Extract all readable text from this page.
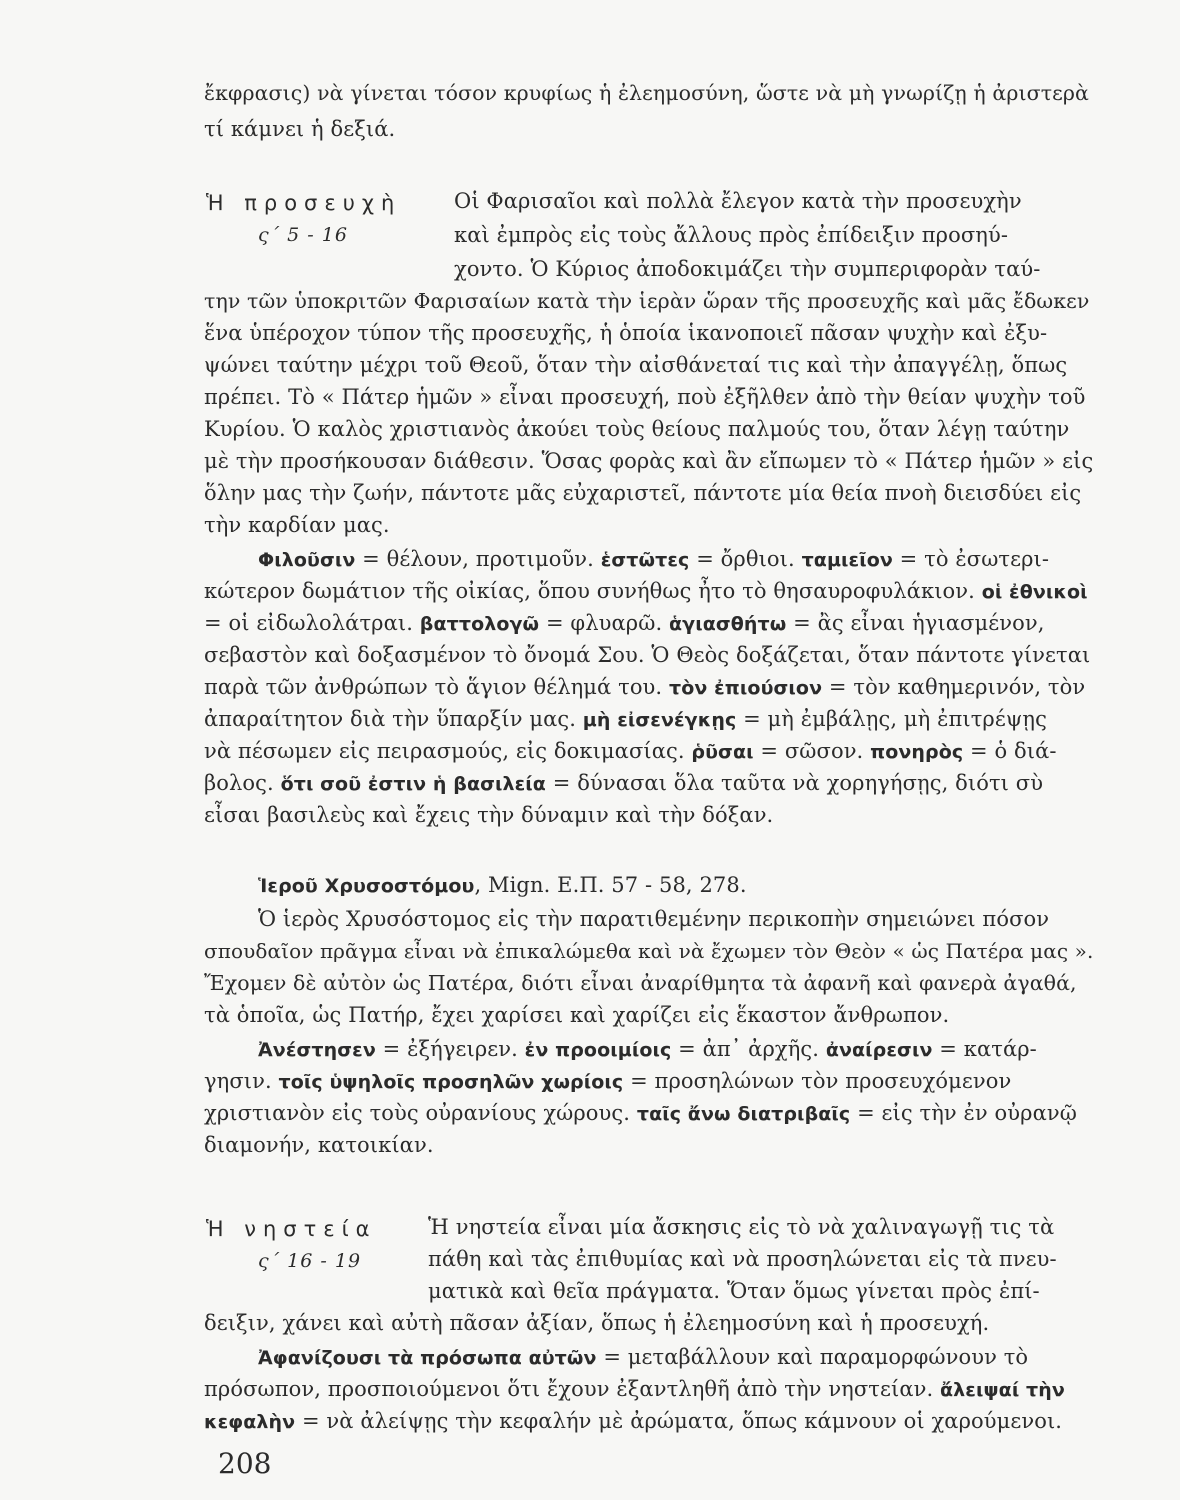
ἔκφρασις) νὰ γίνεται τόσον κρυφίως ἡ ἐλεημοσύνη, ὥστε νὰ μὴ γνωρίζῃ ἡ ἀριστερὰ
τί κάμνει ἡ δεξιά.
Ἡ προσευχὴ
ς΄ 5 - 16
Οἱ Φαρισαῖοι καὶ πολλὰ ἔλεγον κατὰ τὴν προσευχὴν
καὶ ἐμπρὸς εἰς τοὺς ἄλλους πρὸς ἐπίδειξιν προσηύ-
χοντο. Ὁ Κύριος ἀποδοκιμάζει τὴν συμπεριφορὰν ταύ-
την τῶν ὑποκριτῶν Φαρισαίων κατὰ τὴν ἱερὰν ὥραν τῆς προσευχῆς καὶ μᾶς ἔδωκεν
ἕνα ὑπέροχον τύπον τῆς προσευχῆς, ἡ ὁποία ἱκανοποιεῖ πᾶσαν ψυχὴν καὶ ἐξυ-
ψώνει ταύτην μέχρι τοῦ Θεοῦ, ὅταν τὴν αἰσθάνεταί τις καὶ τὴν ἀπαγγέλῃ, ὅπως
πρέπει. Τὸ « Πάτερ ἡμῶν » εἶναι προσευχή, ποὺ ἐξῆλθεν ἀπὸ τὴν θείαν ψυχὴν τοῦ
Κυρίου. Ὁ καλὸς χριστιανὸς ἀκούει τοὺς θείους παλμούς του, ὅταν λέγῃ ταύτην
μὲ τὴν προσήκουσαν διάθεσιν. Ὅσας φορὰς καὶ ἂν εἴπωμεν τὸ « Πάτερ ἡμῶν » εἰς
ὅλην μας τὴν ζωήν, πάντοτε μᾶς εὐχαριστεῖ, πάντοτε μία θεία πνοὴ διεισδύει εἰς
τὴν καρδίαν μας.
Φιλοῦσιν = θέλουν, προτιμοῦν. ἑστῶτες = ὄρθιοι. ταμιεῖον = τὸ ἐσωτερι-
κώτερον δωμάτιον τῆς οἰκίας, ὅπου συνήθως ἦτο τὸ θησαυροφυλάκιον. οἱ ἐθνικοὶ
= οἱ εἰδωλολάτραι. βαττολογῶ = φλυαρῶ. ἁγιασθήτω = ἂς εἶναι ἡγιασμένον,
σεβαστὸν καὶ δοξασμένον τὸ ὄνομά Σου. Ὁ Θεὸς δοξάζεται, ὅταν πάντοτε γίνεται
παρὰ τῶν ἀνθρώπων τὸ ἅγιον θέλημά του. τὸν ἐπιούσιον = τὸν καθημερινόν, τὸν
ἀπαραίτητον διὰ τὴν ὕπαρξίν μας. μὴ εἰσενέγκῃς = μὴ ἐμβάλῃς, μὴ ἐπιτρέψῃς
νὰ πέσωμεν εἰς πειρασμούς, εἰς δοκιμασίας. ῥῦσαι = σῶσον. πονηρὸς = ὁ διά-
βολος. ὅτι σοῦ ἐστιν ἡ βασιλεία = δύνασαι ὅλα ταῦτα νὰ χορηγήσῃς, διότι σὺ
εἶσαι βασιλεὺς καὶ ἔχεις τὴν δύναμιν καὶ τὴν δόξαν.
Ἱεροῦ Χρυσοστόμου, Mign. Ε.Π. 57 - 58, 278.
Ὁ ἱερὸς Χρυσόστομος εἰς τὴν παρατιθεμένην περικοπὴν σημειώνει πόσον
σπουδαῖον πρᾶγμα εἶναι νὰ ἐπικαλώμεθα καὶ νὰ ἔχωμεν τὸν Θεὸν « ὡς Πατέρα μας ».
Ἔχομεν δὲ αὐτὸν ὡς Πατέρα, διότι εἶναι ἀναρίθμητα τὰ ἀφανῆ καὶ φανερὰ ἀγαθά,
τὰ ὁποῖα, ὡς Πατήρ, ἔχει χαρίσει καὶ χαρίζει εἰς ἕκαστον ἄνθρωπον.
Ἀνέστησεν = ἐξήγειρεν. ἐν προοιμίοις = ἀπ᾽ ἀρχῆς. ἀναίρεσιν = κατάρ-
γησιν. τοῖς ὑψηλοῖς προσηλῶν χωρίοις = προσηλώνων τὸν προσευχόμενον
χριστιανὸν εἰς τοὺς οὐρανίους χώρους. ταῖς ἄνω διατριβαῖς = εἰς τὴν ἐν οὐρανῷ
διαμονήν, κατοικίαν.
Ἡ νηστεία
ς΄ 16 - 19
Ἡ νηστεία εἶναι μία ἄσκησις εἰς τὸ νὰ χαλιναγωγῇ τις τὰ
πάθη καὶ τὰς ἐπιθυμίας καὶ νὰ προσηλώνεται εἰς τὰ πνευ-
ματικὰ καὶ θεῖα πράγματα. Ὅταν ὅμως γίνεται πρὸς ἐπί-
δειξιν, χάνει καὶ αὐτὴ πᾶσαν ἀξίαν, ὅπως ἡ ἐλεημοσύνη καὶ ἡ προσευχή.
Ἀφανίζουσι τὰ πρόσωπα αὐτῶν = μεταβάλλουν καὶ παραμορφώνουν τὸ
πρόσωπον, προσποιούμενοι ὅτι ἔχουν ἐξαντληθῆ ἀπὸ τὴν νηστείαν. ἄλειψαί τὴν
κεφαλὴν = νὰ ἀλείψῃς τὴν κεφαλήν μὲ ἀρώματα, ὅπως κάμνουν οἱ χαρούμενοι.
208
